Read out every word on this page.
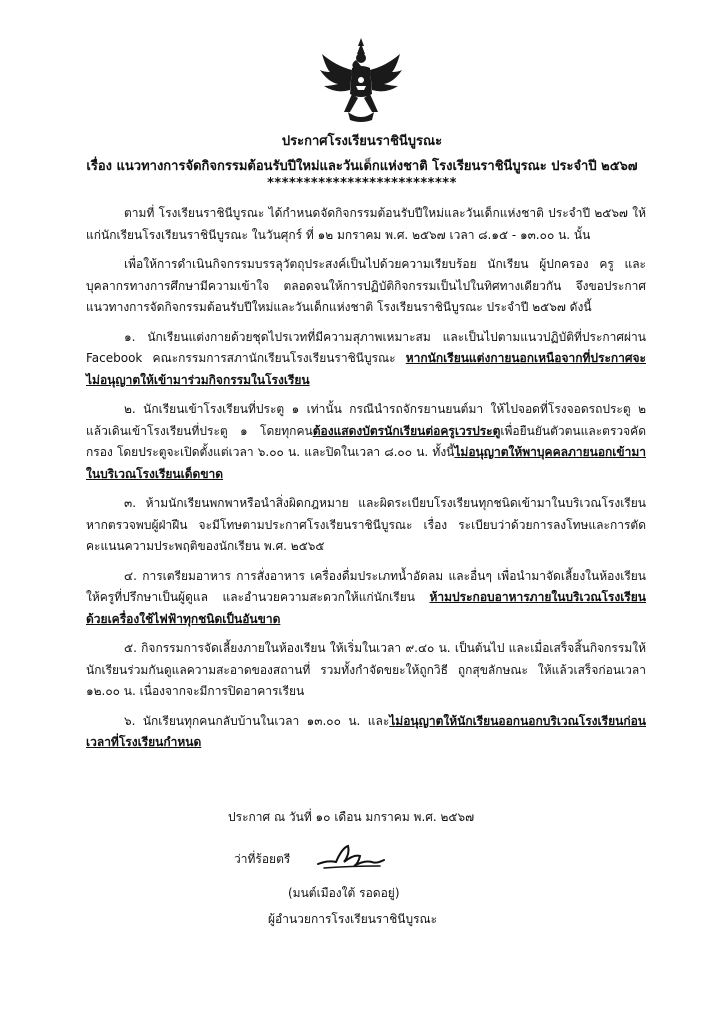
ประกาศโรงเรียนราชินีบูรณะ
เรื่อง แนวทางการจัดกิจกรรมต้อนรับปีใหม่และวันเด็กแห่งชาติ โรงเรียนราชินีบูรณะ ประจำปี ๒๕๖๗
**************************

ตามที่ โรงเรียนราชินีบูรณะ ได้กำหนดจัดกิจกรรมต้อนรับปีใหม่และวันเด็กแห่งชาติ ประจำปี ๒๕๖๗ ให้แก่นักเรียนโรงเรียนราชินีบูรณะ ในวันศุกร์ ที่ ๑๒ มกราคม พ.ศ. ๒๕๖๗ เวลา ๘.๑๕ - ๑๓.๐๐ น. นั้น

เพื่อให้การดำเนินกิจกรรมบรรลุวัตถุประสงค์เป็นไปด้วยความเรียบร้อย นักเรียน ผู้ปกครอง ครู และบุคลากรทางการศึกษามีความเข้าใจ ตลอดจนให้การปฏิบัติกิจกรรมเป็นไปในทิศทางเดียวกัน จึงขอประกาศแนวทางการจัดกิจกรรมต้อนรับปีใหม่และวันเด็กแห่งชาติ โรงเรียนราชินีบูรณะ ประจำปี ๒๕๖๗ ดังนี้

๑. นักเรียนแต่งกายด้วยชุดไปรเวทที่มีความสุภาพเหมาะสม และเป็นไปตามแนวปฏิบัติที่ประกาศผ่าน Facebook คณะกรรมการสภานักเรียนโรงเรียนราชินีบูรณะ หากนักเรียนแต่งกายนอกเหนือจากที่ประกาศจะไม่อนุญาตให้เข้ามาร่วมกิจกรรมในโรงเรียน

๒. นักเรียนเข้าโรงเรียนที่ประตู ๑ เท่านั้น กรณีนำรถจักรยานยนต์มา ให้ไปจอดที่โรงจอดรถประตู ๒ แล้วเดินเข้าโรงเรียนที่ประตู ๑ โดยทุกคนต้องแสดงบัตรนักเรียนต่อครูเวรประตูเพื่อยืนยันตัวตนและตรวจคัดกรอง โดยประตูจะเปิดตั้งแต่เวลา ๖.๐๐ น. และปิดในเวลา ๘.๐๐ น. ทั้งนี้ไม่อนุญาตให้พาบุคคลภายนอกเข้ามาในบริเวณโรงเรียนเด็ดขาด

๓. ห้ามนักเรียนพกพาหรือนำสิ่งผิดกฎหมาย และผิดระเบียบโรงเรียนทุกชนิดเข้ามาในบริเวณโรงเรียน หากตรวจพบผู้ฝ่าฝืน จะมีโทษตามประกาศโรงเรียนราชินีบูรณะ เรื่อง ระเบียบว่าด้วยการลงโทษและการตัดคะแนนความประพฤติของนักเรียน พ.ศ. ๒๕๖๕

๔. การเตรียมอาหาร การสั่งอาหาร เครื่องดื่มประเภทน้ำอัดลม และอื่นๆ เพื่อนำมาจัดเลี้ยงในห้องเรียน ให้ครูที่ปรึกษาเป็นผู้ดูแล และอำนวยความสะดวกให้แก่นักเรียน ห้ามประกอบอาหารภายในบริเวณโรงเรียนด้วยเครื่องใช้ไฟฟ้าทุกชนิดเป็นอันขาด

๕. กิจกรรมการจัดเลี้ยงภายในห้องเรียน ให้เริ่มในเวลา ๙.๔๐ น. เป็นต้นไป และเมื่อเสร็จสิ้นกิจกรรมให้นักเรียนร่วมกันดูแลความสะอาดของสถานที่ รวมทั้งกำจัดขยะให้ถูกวิธี ถูกสุขลักษณะ ให้แล้วเสร็จก่อนเวลา ๑๒.๐๐ น. เนื่องจากจะมีการปิดอาคารเรียน

๖. นักเรียนทุกคนกลับบ้านในเวลา ๑๓.๐๐ น. และไม่อนุญาตให้นักเรียนออกนอกบริเวณโรงเรียนก่อนเวลาที่โรงเรียนกำหนด

ประกาศ ณ วันที่ ๑๐ เดือน มกราคม พ.ศ. ๒๕๖๗
ว่าที่ร้อยตรี
(มนต์เมืองใต้ รอดอยู่)
ผู้อำนวยการโรงเรียนราชินีบูรณะ
